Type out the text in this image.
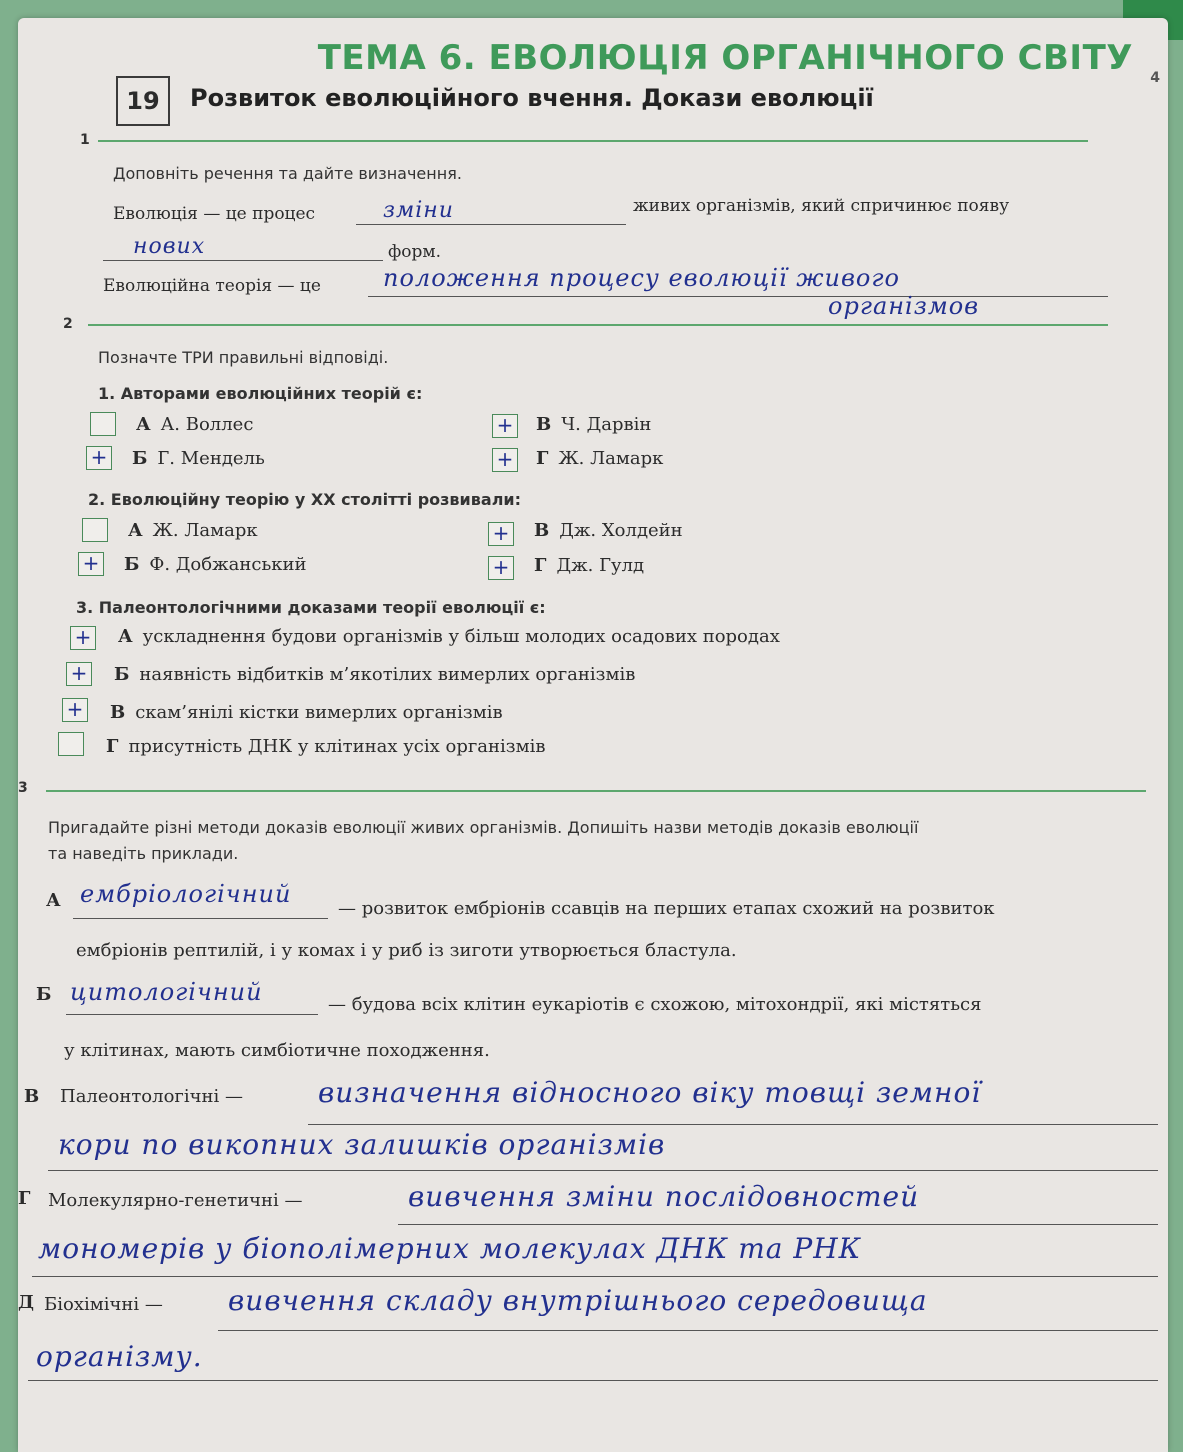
ТЕМА 6. ЕВОЛЮЦІЯ ОРГАНІЧНОГО СВІТУ 4
19	Розвиток еволюційного вчення. Докази еволюції
1
Доповніть речення та дайте визначення.
Еволюція — це процес	зміни	живих організмів, який спричинює появу
нових	форм.
Еволюційна теорія — це	положення процесу еволюції живого
організмов
2
Позначте ТРИ правильні відповіді.
1. Авторами еволюційних теорій є:
А А. Воллес
+ Б Г. Мендель
+ В Ч. Дарвін
+ Г Ж. Ламарк
2. Еволюційну теорію у ХХ столітті розвивали:
А Ж. Ламарк
+ Б Ф. Добжанський
+ В Дж. Холдейн
+ Г Дж. Гулд
3. Палеонтологічними доказами теорії еволюції є:
+ А ускладнення будови організмів у більш молодих осадових породах
+ Б наявність відбитків м’якотілих вимерлих організмів
+ В скам’янілі кістки вимерлих організмів
Г присутність ДНК у клітинах усіх організмів
3
Пригадайте різні методи доказів еволюції живих організмів. Допишіть назви методів доказів еволюції
та наведіть приклади.
А ембріологічний
— розвиток ембріонів ссавців на перших етапах схожий на розвиток
ембріонів рептилій, і у комах і у риб із зиготи утворюється бластула.
Б цитологічний	— будова всіх клітин еукаріотів є схожою, мітохондрії, які містяться
у клітинах, мають симбіотичне походження.
В Палеонтологічні —	визначення відносного віку товщі земної
кори по викопних залишків організмів
Г Молекулярно-генетичні —	вивчення зміни послідовностей
мономерів у біополімерних молекулах ДНК та РНК
Д Біохімічні — вивчення складу внутрішнього середовища
організму.
